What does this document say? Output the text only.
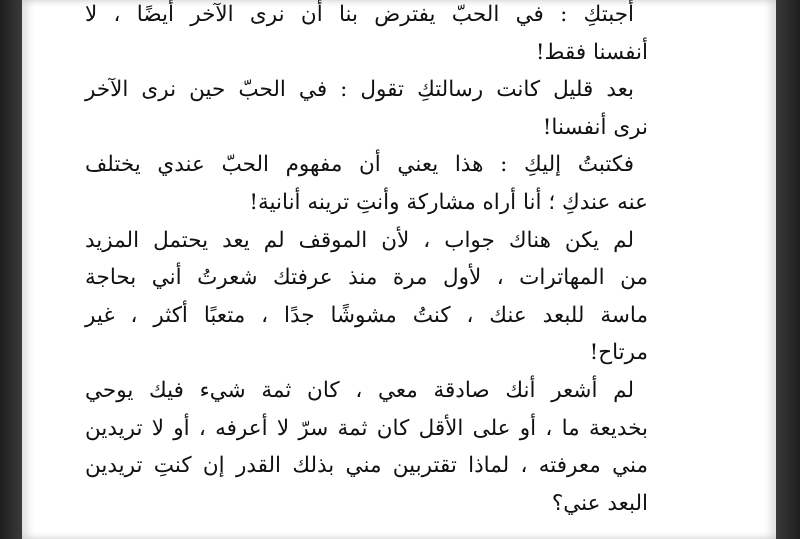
أجبتكِ : في الحبّ يفترض بنا أن نرى الآخر أيضًا ، لا
أنفسنا فقط!
بعد قليل كانت رسالتكِ تقول : في الحبّ حين نرى الآخر
نرى أنفسنا!
فكتبتُ إليكِ : هذا يعني أن مفهوم الحبّ عندي يختلف
عنه عندكِ ؛ أنا أراه مشاركة وأنتِ ترينه أنانية!
لم يكن هناك جواب ، لأن الموقف لم يعد يحتمل المزيد
من المهاترات ، لأول مرة منذ عرفتك شعرتُ أني بحاجة
ماسة للبعد عنك ، كنتُ مشوشًا جدًا ، متعبًا أكثر ، غير
مرتاح!
لم أشعر أنك صادقة معي ، كان ثمة شيء فيك يوحي
بخديعة ما ، أو على الأقل كان ثمة سرّ لا أعرفه ، أو لا تريدين
مني معرفته ، لماذا تقتربين مني بذلك القدر إن كنتِ تريدين
البعد عني؟
